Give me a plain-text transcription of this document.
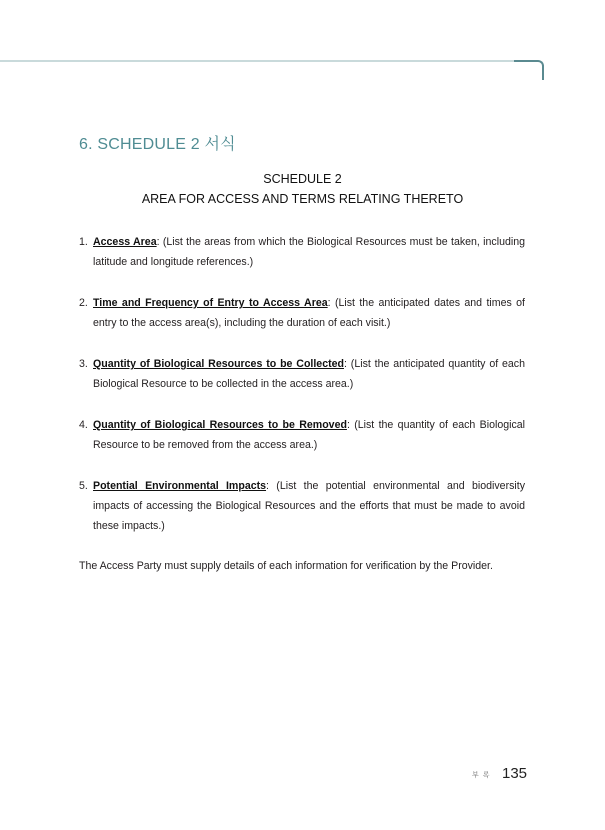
6. SCHEDULE 2 서식
SCHEDULE 2
AREA FOR ACCESS AND TERMS RELATING THERETO
1. Access Area: (List the areas from which the Biological Resources must be taken, including latitude and longitude references.)
2. Time and Frequency of Entry to Access Area: (List the anticipated dates and times of entry to the access area(s), including the duration of each visit.)
3. Quantity of Biological Resources to be Collected: (List the anticipated quantity of each Biological Resource to be collected in the access area.)
4. Quantity of Biological Resources to be Removed: (List the quantity of each Biological Resource to be removed from the access area.)
5. Potential Environmental Impacts: (List the potential environmental and biodiversity impacts of accessing the Biological Resources and the efforts that must be made to avoid these impacts.)
The Access Party must supply details of each information for verification by the Provider.
부 록 135
